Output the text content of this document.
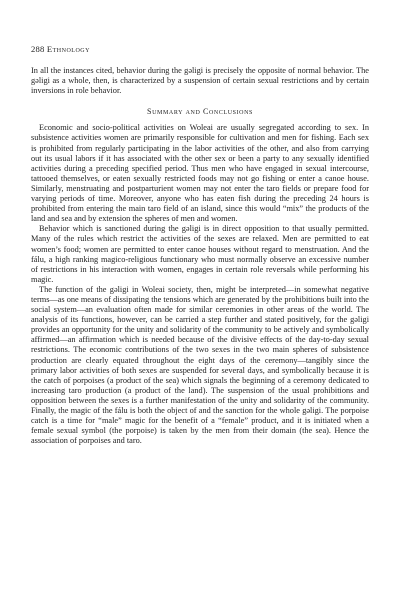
288 Ethnology

In all the instances cited, behavior during the gəligi is precisely the opposite of normal behavior. The gəligi as a whole, then, is characterized by a suspension of certain sexual restrictions and by certain inversions in role behavior.

Summary and Conclusions

Economic and socio-political activities on Woleai are usually segregated according to sex. In subsistence activities women are primarily responsible for cultivation and men for fishing. Each sex is prohibited from regularly participating in the labor activities of the other, and also from carrying out its usual labors if it has associated with the other sex or been a party to any sexually identified activities during a preceding specified period. Thus men who have engaged in sexual intercourse, tattooed themselves, or eaten sexually restricted foods may not go fishing or enter a canoe house. Similarly, menstruating and postparturient women may not enter the taro fields or prepare food for varying periods of time. Moreover, anyone who has eaten fish during the preceding 24 hours is prohibited from entering the main taro field of an island, since this would “mix” the products of the land and sea and by extension the spheres of men and women.

Behavior which is sanctioned during the gəligi is in direct opposition to that usually permitted. Many of the rules which restrict the activities of the sexes are relaxed. Men are permitted to eat women’s food; women are permitted to enter canoe houses without regard to menstruation. And the fálu, a high ranking magico-religious functionary who must normally observe an excessive number of restrictions in his interaction with women, engages in certain role reversals while performing his magic.

The function of the gəligi in Woleai society, then, might be interpreted—in somewhat negative terms—as one means of dissipating the tensions which are generated by the prohibitions built into the social system—an evaluation often made for similar ceremonies in other areas of the world. The analysis of its functions, however, can be carried a step further and stated positively, for the gəligi provides an opportunity for the unity and solidarity of the community to be actively and symbolically affirmed—an affirmation which is needed because of the divisive effects of the day-to-day sexual restrictions. The economic contributions of the two sexes in the two main spheres of subsistence production are clearly equated throughout the eight days of the ceremony—tangibly since the primary labor activities of both sexes are suspended for several days, and symbolically because it is the catch of porpoises (a product of the sea) which signals the beginning of a ceremony dedicated to increasing taro production (a product of the land). The suspension of the usual prohibitions and opposition between the sexes is a further manifestation of the unity and solidarity of the community. Finally, the magic of the fálu is both the object of and the sanction for the whole gəligi. The porpoise catch is a time for “male” magic for the benefit of a “female” product, and it is initiated when a female sexual symbol (the porpoise) is taken by the men from their domain (the sea). Hence the association of porpoises and taro.
